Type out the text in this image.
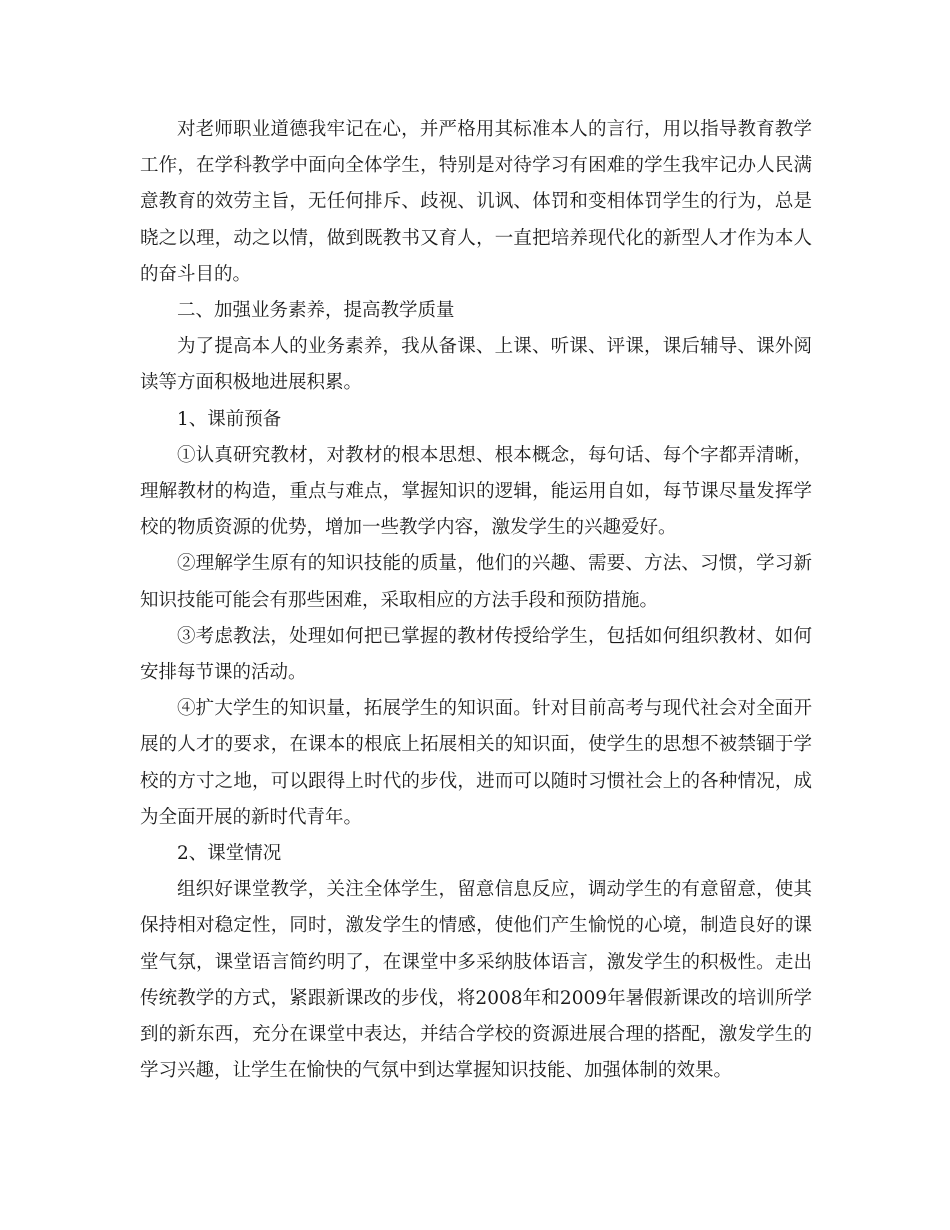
对老师职业道德我牢记在心，并严格用其标准本人的言行，用以指导教育教学工作，在学科教学中面向全体学生，特别是对待学习有困难的学生我牢记办人民满意教育的效劳主旨，无任何排斥、歧视、讥讽、体罚和变相体罚学生的行为，总是晓之以理，动之以情，做到既教书又育人，一直把培养现代化的新型人才作为本人的奋斗目的。

二、加强业务素养，提高教学质量

为了提高本人的业务素养，我从备课、上课、听课、评课，课后辅导、课外阅读等方面积极地进展积累。

1、课前预备

①认真研究教材，对教材的根本思想、根本概念，每句话、每个字都弄清晰，理解教材的构造，重点与难点，掌握知识的逻辑，能运用自如，每节课尽量发挥学校的物质资源的优势，增加一些教学内容，激发学生的兴趣爱好。

②理解学生原有的知识技能的质量，他们的兴趣、需要、方法、习惯，学习新知识技能可能会有那些困难，采取相应的方法手段和预防措施。

③考虑教法，处理如何把已掌握的教材传授给学生，包括如何组织教材、如何安排每节课的活动。

④扩大学生的知识量，拓展学生的知识面。针对目前高考与现代社会对全面开展的人才的要求，在课本的根底上拓展相关的知识面，使学生的思想不被禁锢于学校的方寸之地，可以跟得上时代的步伐，进而可以随时习惯社会上的各种情况，成为全面开展的新时代青年。

2、课堂情况

组织好课堂教学，关注全体学生，留意信息反应，调动学生的有意留意，使其保持相对稳定性，同时，激发学生的情感，使他们产生愉悦的心境，制造良好的课堂气氛，课堂语言简约明了，在课堂中多采纳肢体语言，激发学生的积极性。走出传统教学的方式，紧跟新课改的步伐，将2008年和2009年暑假新课改的培训所学到的新东西，充分在课堂中表达，并结合学校的资源进展合理的搭配，激发学生的学习兴趣，让学生在愉快的气氛中到达掌握知识技能、加强体制的效果。
